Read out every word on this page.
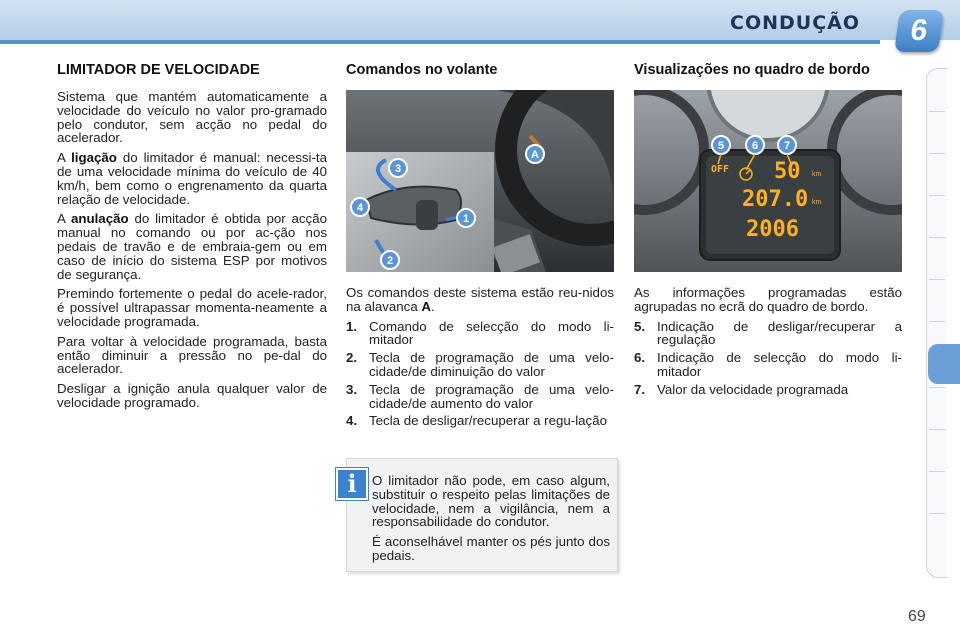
CONDUÇÃO	6
LIMITADOR DE VELOCIDADE

Sistema que mantém automaticamente a velocidade do veículo no valor pro-gramado pelo condutor, sem acção no pedal do acelerador.

A ligação do limitador é manual: necessi-ta de uma velocidade mínima do veículo de 40 km/h, bem como o engrenamento da quarta relação de velocidade.

A anulação do limitador é obtida por acção manual no comando ou por ac-ção nos pedais de travão e de embraia-gem ou em caso de início do sistema ESP por motivos de segurança.

Premindo fortemente o pedal do acele-rador, é possível ultrapassar momenta-neamente a velocidade programada.

Para voltar à velocidade programada, basta então diminuir a pressão no pe-dal do acelerador.

Desligar a ignição anula qualquer valor de velocidade programado.

Comandos no volante
3
4
1
2
A

Os comandos deste sistema estão reu-nidos na alavanca A.

1. Comando de selecção do modo li-mitador
2. Tecla de programação de uma velo-cidade/de diminuição do valor
3. Tecla de programação de uma velo-cidade/de aumento do valor
4. Tecla de desligar/recuperar a regu-lação
Visualizações no quadro de bordo
5	6 7
OFF 50 km
207.0 km
2006

As informações programadas estão agrupadas no ecrã do quadro de bordo.

5. Indicação de desligar/recuperar a regulação
6. Indicação de selecção do modo li-mitador
7. Valor da velocidade programada
i	O limitador não pode, em caso algum, substituir o respeito pelas limitações de velocidade, nem a vigilância, nem a responsabilidade do condutor.

É aconselhável manter os pés junto dos pedais.

69
